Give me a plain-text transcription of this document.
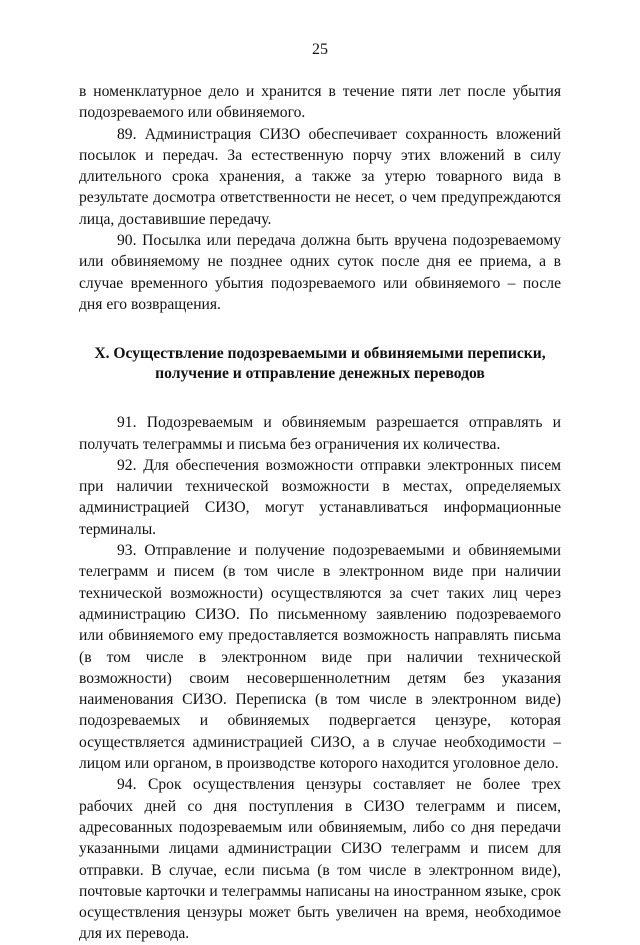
25

в номенклатурное дело и хранится в течение пяти лет после убытия подозреваемого или обвиняемого.

89. Администрация СИЗО обеспечивает сохранность вложений посылок и передач. За естественную порчу этих вложений в силу длительного срока хранения, а также за утерю товарного вида в результате досмотра ответственности не несет, о чем предупреждаются лица, доставившие передачу.

90. Посылка или передача должна быть вручена подозреваемому или обвиняемому не позднее одних суток после дня ее приема, а в случае временного убытия подозреваемого или обвиняемого – после дня его возвращения.

X. Осуществление подозреваемыми и обвиняемыми переписки,
получение и отправление денежных переводов

91. Подозреваемым и обвиняемым разрешается отправлять и получать телеграммы и письма без ограничения их количества.

92. Для обеспечения возможности отправки электронных писем при наличии технической возможности в местах, определяемых администрацией СИЗО, могут устанавливаться информационные терминалы.

93. Отправление и получение подозреваемыми и обвиняемыми телеграмм и писем (в том числе в электронном виде при наличии технической возможности) осуществляются за счет таких лиц через администрацию СИЗО. По письменному заявлению подозреваемого или обвиняемого ему предоставляется возможность направлять письма (в том числе в электронном виде при наличии технической возможности) своим несовершеннолетним детям без указания наименования СИЗО. Переписка (в том числе в электронном виде) подозреваемых и обвиняемых подвергается цензуре, которая осуществляется администрацией СИЗО, а в случае необходимости – лицом или органом, в производстве которого находится уголовное дело.

94. Срок осуществления цензуры составляет не более трех рабочих дней со дня поступления в СИЗО телеграмм и писем, адресованных подозреваемым или обвиняемым, либо со дня передачи указанными лицами администрации СИЗО телеграмм и писем для отправки. В случае, если письма (в том числе в электронном виде), почтовые карточки и телеграммы написаны на иностранном языке, срок осуществления цензуры может быть увеличен на время, необходимое для их перевода.
